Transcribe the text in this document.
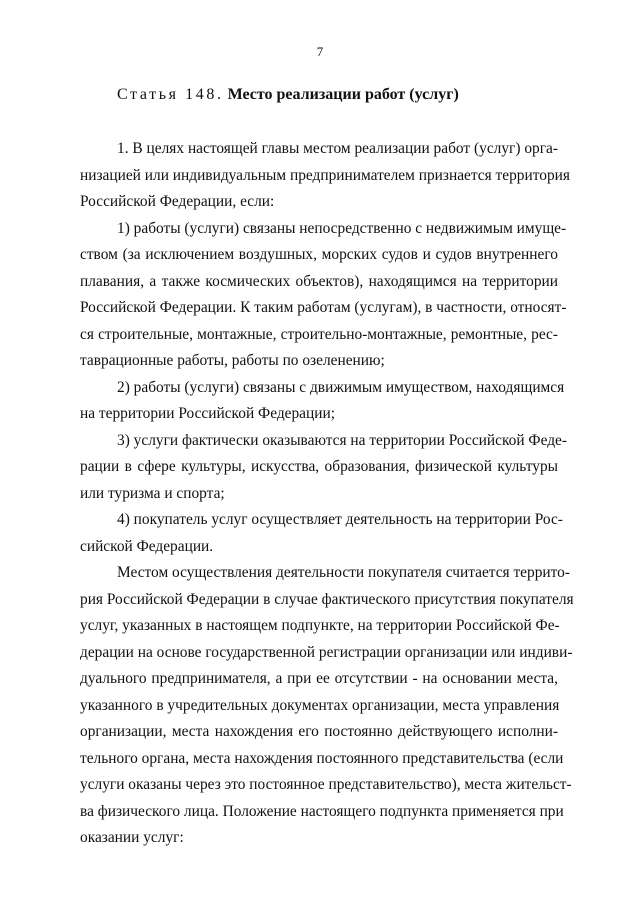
7
Статья 148. Место реализации работ (услуг)
1. В целях настоящей главы местом реализации работ (услуг) орга-
низацией или индивидуальным предпринимателем признается территория
Российской Федерации, если:
1) работы (услуги) связаны непосредственно с недвижимым имуще-
ством (за исключением воздушных, морских судов и судов внутреннего
плавания, а также космических объектов), находящимся на территории
Российской Федерации. К таким работам (услугам), в частности, относят-
ся строительные, монтажные, строительно-монтажные, ремонтные, рес-
таврационные работы, работы по озеленению;
2) работы (услуги) связаны с движимым имуществом, находящимся
на территории Российской Федерации;
3) услуги фактически оказываются на территории Российской Феде-
рации в сфере культуры, искусства, образования, физической культуры
или туризма и спорта;
4) покупатель услуг осуществляет деятельность на территории Рос-
сийской Федерации.
Местом осуществления деятельности покупателя считается террито-
рия Российской Федерации в случае фактического присутствия покупателя
услуг, указанных в настоящем подпункте, на территории Российской Фе-
дерации на основе государственной регистрации организации или индиви-
дуального предпринимателя, а при ее отсутствии - на основании места,
указанного в учредительных документах организации, места управления
организации, места нахождения его постоянно действующего исполни-
тельного органа, места нахождения постоянного представительства (если
услуги оказаны через это постоянное представительство), места жительст-
ва физического лица. Положение настоящего подпункта применяется при
оказании услуг:
